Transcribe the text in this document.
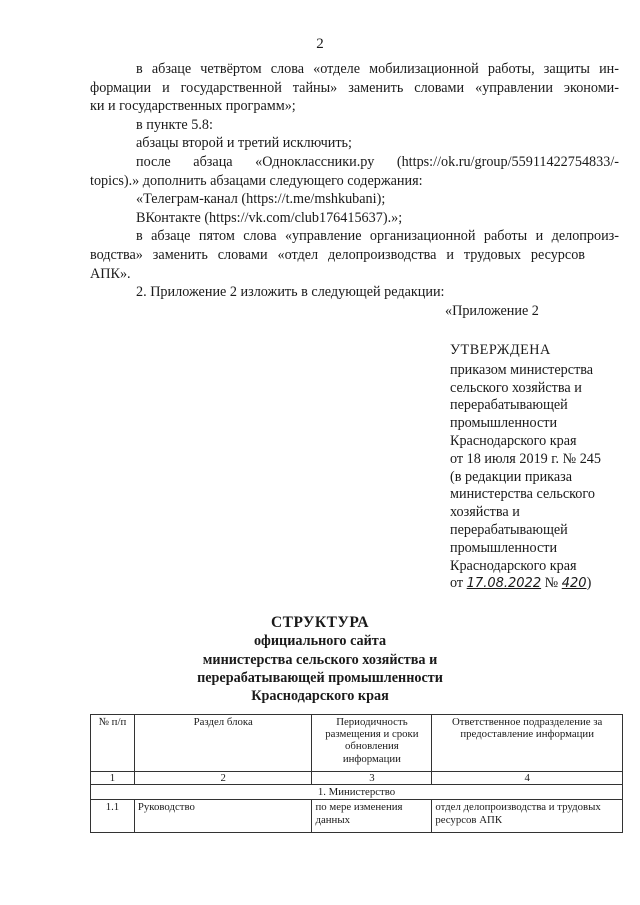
2
в абзаце четвёртом слова «отделе мобилизационной работы, защиты ин-
формации и государственной тайны» заменить словами «управлении экономи-
ки и государственных программ»;
в пункте 5.8:
абзацы второй и третий исключить;
после абзаца «Одноклассники.ру (https://ok.ru/group/55911422754833/-
topics).» дополнить абзацами следующего содержания:
«Телеграм-канал (https://t.me/mshkubani);
ВКонтакте (https://vk.com/club176415637).»;
в абзаце пятом слова «управление организационной работы и делопроиз-
водства» заменить словами «отдел делопроизводства и трудовых ресурсов
АПК».
2. Приложение 2 изложить в следующей редакции:
«Приложение 2
УТВЕРЖДЕНА
приказом министерства
сельского хозяйства и
перерабатывающей
промышленности
Краснодарского края
от 18 июля 2019 г. № 245
(в редакции приказа
министерства сельского
хозяйства и
перерабатывающей
промышленности
Краснодарского края
от 17.08.2022 № 420)
СТРУКТУРА
официального сайта
министерства сельского хозяйства и
перерабатывающей промышленности
Краснодарского края
№ п/п	Раздел блока	Периодичность размещения и сроки обновления информации	Ответственное подразделение за предоставление информации
1	2	3	4
1. Министерство			
1.1	Руководство	по мере изменения данных	отдел делопроизводства и трудовых ресурсов АПК
